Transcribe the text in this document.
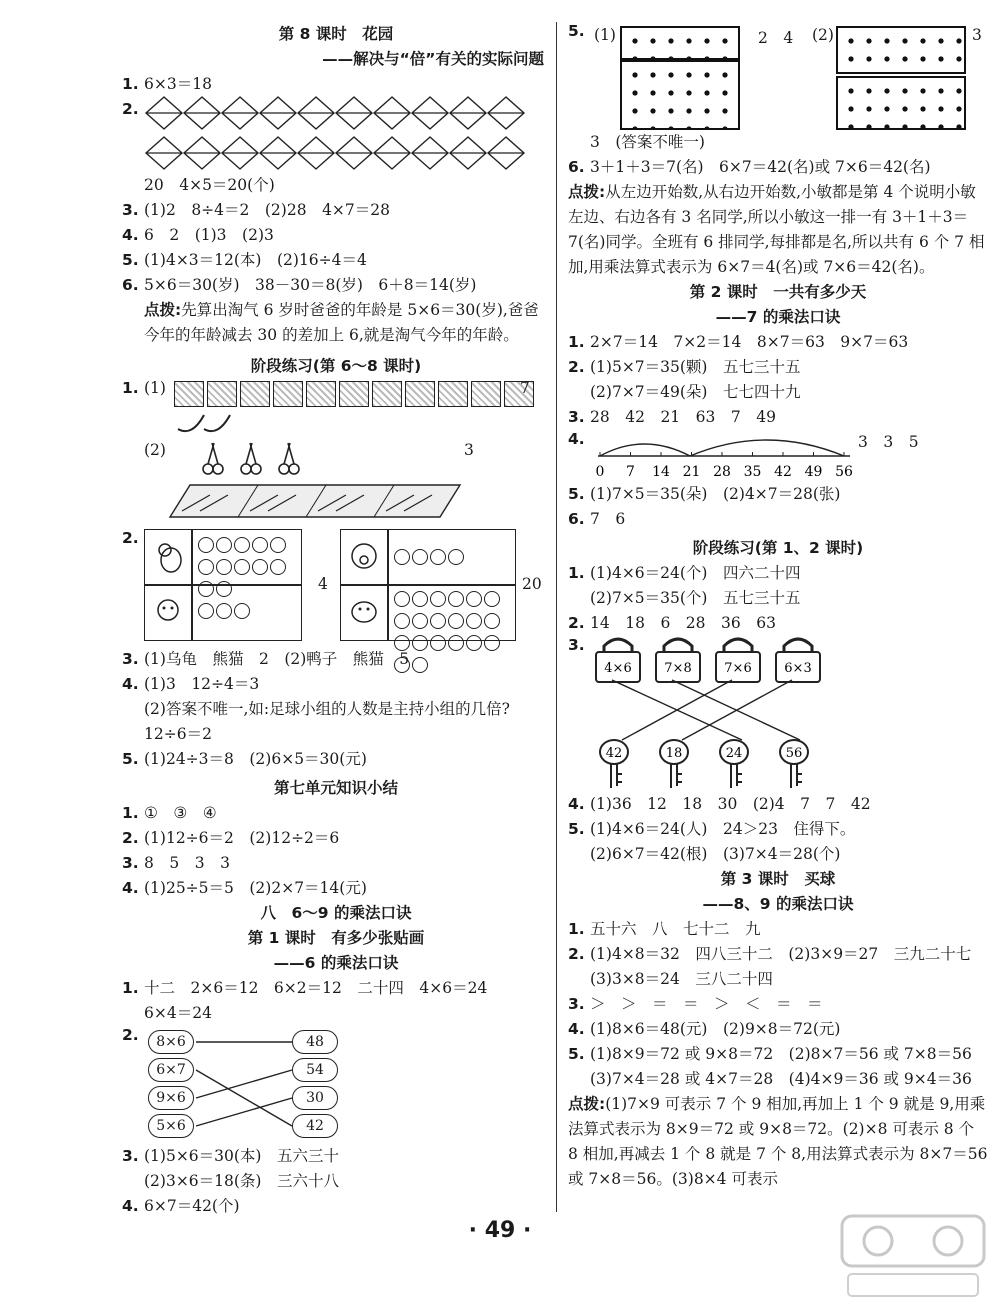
第 8 课时　花园
——解决与“倍”有关的实际问题
1. 6×3＝18
2.
20　4×5＝20(个)
3. (1)2　8÷4＝2　(2)28　4×7＝28
4. 6　2　(1)3　(2)3
5. (1)4×3＝12(本)　(2)16÷4＝4
6. 5×6＝30(岁)　38－30＝8(岁)　6＋8＝14(岁)
点拨:先算出淘气 6 岁时爸爸的年龄是 5×6＝30(岁),爸爸今年的年龄减去 30 的差加上 6,就是淘气今年的年龄。
阶段练习(第 6～8 课时)
1. (1)	7
(2)	3
2.
4	20
3. (1)乌龟　熊猫　2　(2)鸭子　熊猫　5
4. (1)3　12÷4＝3
(2)答案不唯一,如:足球小组的人数是主持小组的几倍?　12÷6＝2
5. (1)24÷3＝8　(2)6×5＝30(元)
第七单元知识小结
1. ①　③　④
2. (1)12÷6＝2　(2)12÷2＝6
3. 8　5　3　3
4. (1)25÷5＝5　(2)2×7＝14(元)
八　6～9 的乘法口诀
第 1 课时　有多少张贴画
——6 的乘法口诀
1. 十二　2×6＝12　6×2＝12　二十四　4×6＝24
6×4＝24
2.	8×6
6×7
9×6
5×6
48
54
30
42
3. (1)5×6＝30(本)　五六三十
(2)3×6＝18(条)　三六十八
4. 6×7＝42(个)
5. (1)	2　4 (2)	3
3　(答案不唯一)
6. 3＋1＋3＝7(名)　6×7＝42(名)或 7×6＝42(名)
点拨:从左边开始数,从右边开始数,小敏都是第 4 个说明小敏左边、右边各有 3 名同学,所以小敏这一排一有 3＋1＋3＝7(名)同学。全班有 6 排同学,每排都是名,所以共有 6 个 7 相加,用乘法算式表示为 6×7＝4(名)或 7×6＝42(名)。
第 2 课时　一共有多少天
——7 的乘法口诀
1. 2×7＝14　7×2＝14　8×7＝63　9×7＝63
2. (1)5×7＝35(颗)　五七三十五
(2)7×7＝49(朵)　七七四十九
3. 28　42　21　63　7　49
4.
0 7 14 21 28 35 42 49 56
3　3　5
5. (1)7×5＝35(朵)　(2)4×7＝28(张)
6. 7　6
阶段练习(第 1、2 课时)
1. (1)4×6＝24(个)　四六二十四
(2)7×5＝35(个)　五七三十五
2. 14　18　6　28　36　63
3.
4×6	7×8	7×6	6×3
42	18	24	56
4. (1)36　12　18　30　(2)4　7　7　42
5. (1)4×6＝24(人)　24＞23　住得下。
(2)6×7＝42(根)　(3)7×4＝28(个)
第 3 课时　买球
——8、9 的乘法口诀
1. 五十六　八　七十二　九
2. (1)4×8＝32　四八三十二　(2)3×9＝27　三九二十七
(3)3×8＝24　三八二十四
3. ＞　＞　＝　＝　＞　＜　＝　＝
4. (1)8×6＝48(元)　(2)9×8＝72(元)
5. (1)8×9＝72 或 9×8＝72　(2)8×7＝56 或 7×8＝56
(3)7×4＝28 或 4×7＝28　(4)4×9＝36 或 9×4＝36
点拨:(1)7×9 可表示 7 个 9 相加,再加上 1 个 9 就是 9,用乘法算式表示为 8×9＝72 或 9×8＝72。(2)×8 可表示 8 个 8 相加,再减去 1 个 8 就是 7 个 8,用法算式表示为 8×7＝56 或 7×8＝56。(3)8×4 可表示
· 49 ·
